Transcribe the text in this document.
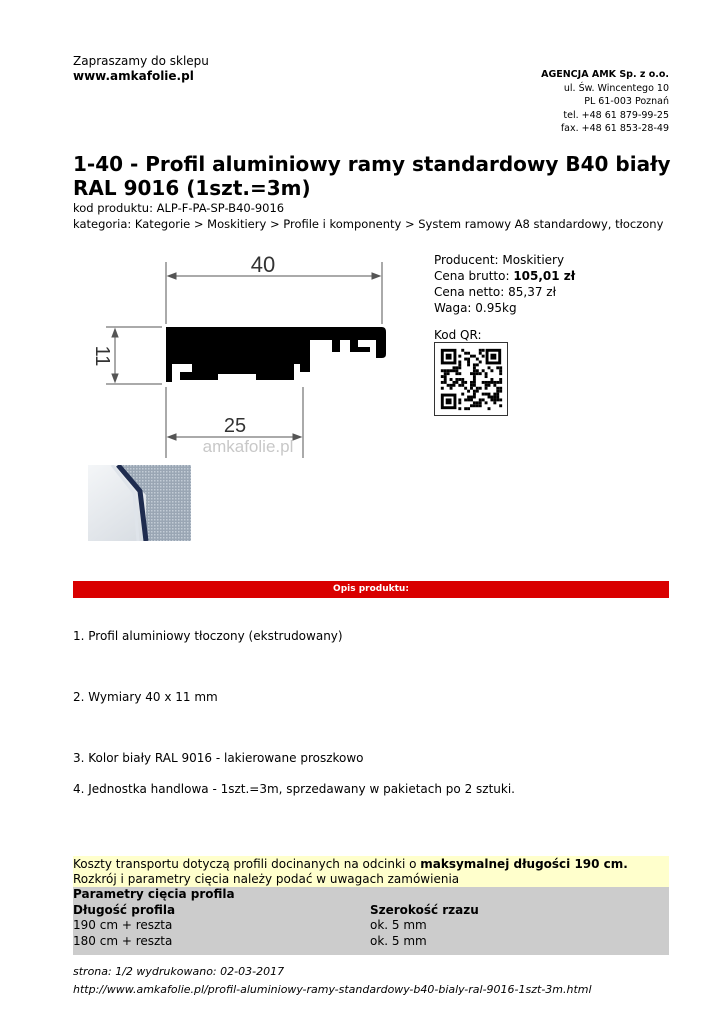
Zapraszamy do sklepu
www.amkafolie.pl	AGENCJA AMK Sp. z o.o.
ul. Św. Wincentego 10
PL 61-003 Poznań
tel. +48 61 879-99-25
fax. +48 61 853-28-49
1-40 - Profil aluminiowy ramy standardowy B40 biały RAL 9016 (1szt.=3m)
kod produktu: ALP-F-PA-SP-B40-9016
kategoria: Kategorie > Moskitiery > Profile i komponenty > System ramowy A8 standardowy, tłoczony
40
11
25
amkafolie.pl
Producent: Moskitiery
Cena brutto: 105,01 zł
Cena netto: 85,37 zł
Waga: 0.95kg
Kod QR:
Opis produktu:
1. Profil aluminiowy tłoczony (ekstrudowany)
2. Wymiary 40 x 11 mm
3. Kolor biały RAL 9016 - lakierowane proszkowo
4. Jednostka handlowa - 1szt.=3m, sprzedawany w pakietach po 2 sztuki.
Koszty transportu dotyczą profili docinanych na odcinki o maksymalnej długości 190 cm.
Rozkrój i parametry cięcia należy podać w uwagach zamówienia
Parametry cięcia profila
Długość profila	Szerokość rzazu
190 cm + reszta	ok. 5 mm
180 cm + reszta	ok. 5 mm
strona: 1/2 wydrukowano: 02-03-2017
http://www.amkafolie.pl/profil-aluminiowy-ramy-standardowy-b40-bialy-ral-9016-1szt-3m.html
